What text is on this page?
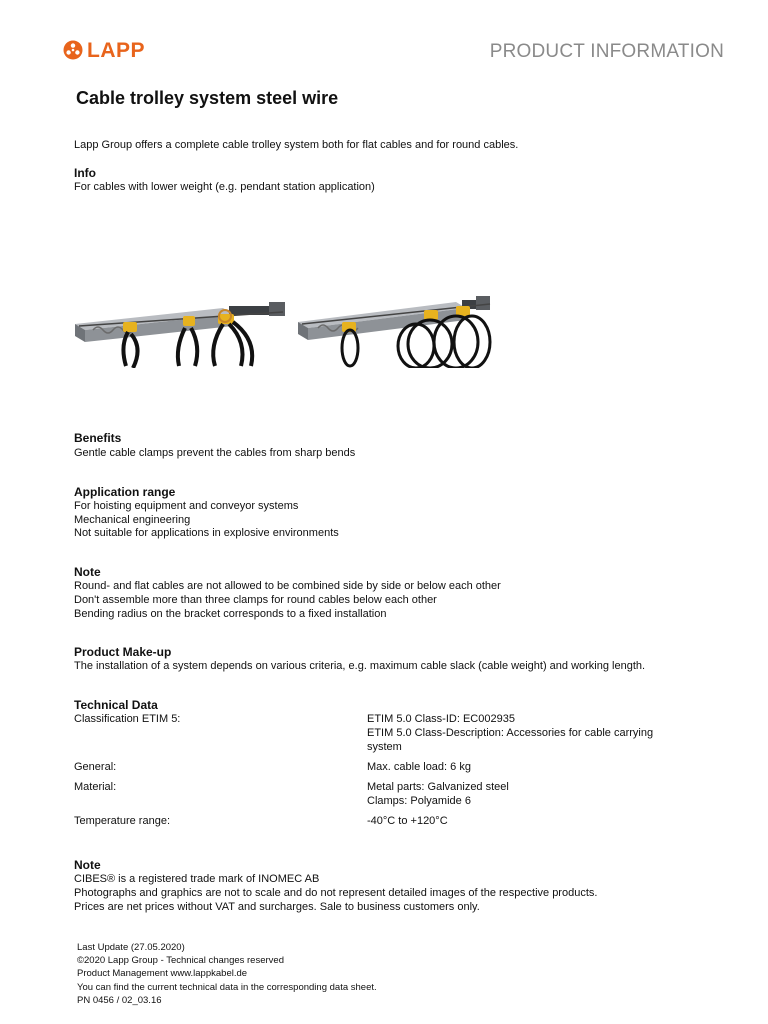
LAPP	PRODUCT INFORMATION
Cable trolley system steel wire

Lapp Group offers a complete cable trolley system both for flat cables and for round cables.

Info

For cables with lower weight (e.g. pendant station application)

Benefits

Gentle cable clamps prevent the cables from sharp bends

Application range

For hoisting equipment and conveyor systems

Mechanical engineering

Not suitable for applications in explosive environments

Note

Round- and flat cables are not allowed to be combined side by side or below each other

Don't assemble more than three clamps for round cables below each other

Bending radius on the bracket corresponds to a fixed installation

Product Make-up

The installation of a system depends on various criteria, e.g. maximum cable slack (cable weight) and working length.

Technical Data
Classification ETIM 5:	ETIM 5.0 Class-ID: EC002935
ETIM 5.0 Class-Description: Accessories for cable carrying system
General:	Max. cable load: 6 kg
Material:	Metal parts: Galvanized steel
Clamps: Polyamide 6
Temperature range:	-40°C to +120°C
Note

CIBES® is a registered trade mark of INOMEC AB

Photographs and graphics are not to scale and do not represent detailed images of the respective products.

Prices are net prices without VAT and surcharges. Sale to business customers only.

Last Update (27.05.2020)
©2020 Lapp Group - Technical changes reserved
Product Management www.lappkabel.de
You can find the current technical data in the corresponding data sheet.
PN 0456 / 02_03.16
